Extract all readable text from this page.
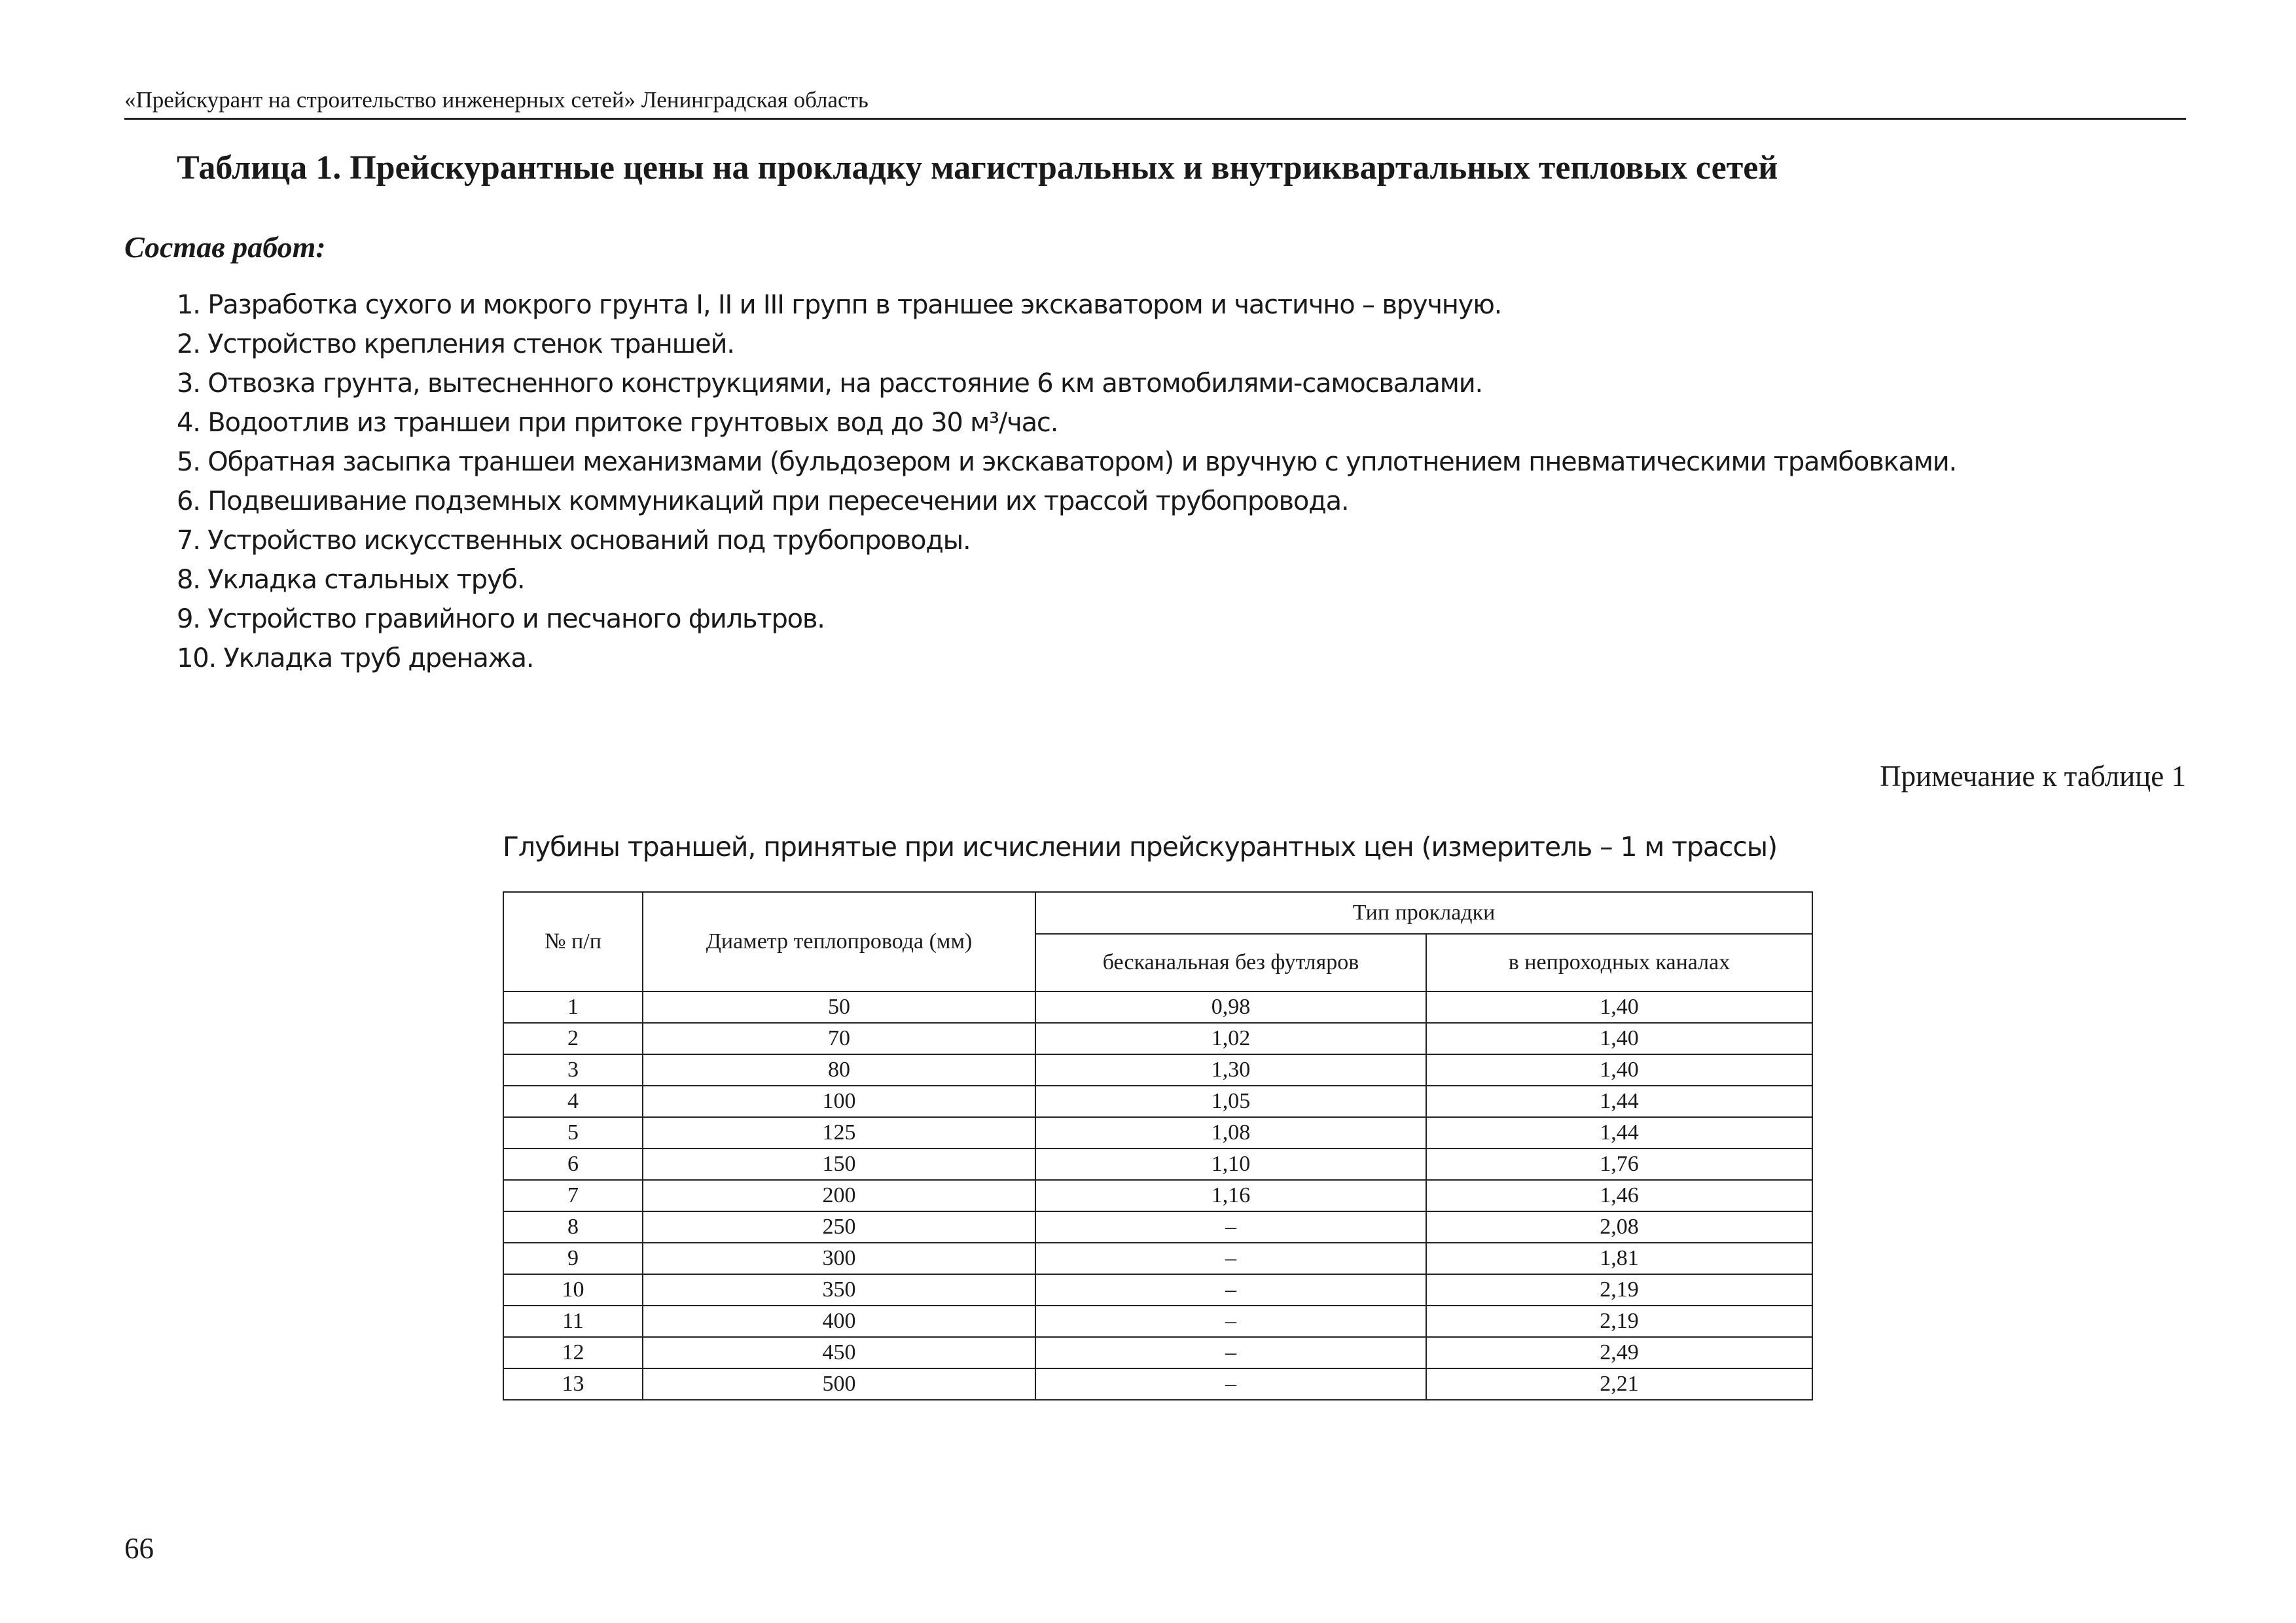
«Прейскурант на строительство инженерных сетей» Ленинградская область
Таблица 1. Прейскурантные цены на прокладку магистральных и внутриквартальных тепловых сетей
Состав работ:
1. Разработка сухого и мокрого грунта I, II и III групп в траншее экскаватором и частично – вручную.
2. Устройство крепления стенок траншей.
3. Отвозка грунта, вытесненного конструкциями, на расстояние 6 км автомобилями-самосвалами.
4. Водоотлив из траншеи при притоке грунтовых вод до 30 м³/час.
5. Обратная засыпка траншеи механизмами (бульдозером и экскаватором) и вручную с уплотнением пневматическими трамбовками.
6. Подвешивание подземных коммуникаций при пересечении их трассой трубопровода.
7. Устройство искусственных оснований под трубопроводы.
8. Укладка стальных труб.
9. Устройство гравийного и песчаного фильтров.
10. Укладка труб дренажа.
Примечание к таблице 1
Глубины траншей, принятые при исчислении прейскурантных цен (измеритель – 1 м трассы)
№ п/п	Диаметр теплопровода (мм)	Тип прокладки	
		бесканальная без футляров	в непроходных каналах
1	50	0,98	1,40
2	70	1,02	1,40
3	80	1,30	1,40
4	100	1,05	1,44
5	125	1,08	1,44
6	150	1,10	1,76
7	200	1,16	1,46
8	250	–	2,08
9	300	–	1,81
10	350	–	2,19
11	400	–	2,19
12	450	–	2,49
13	500	–	2,21
66
